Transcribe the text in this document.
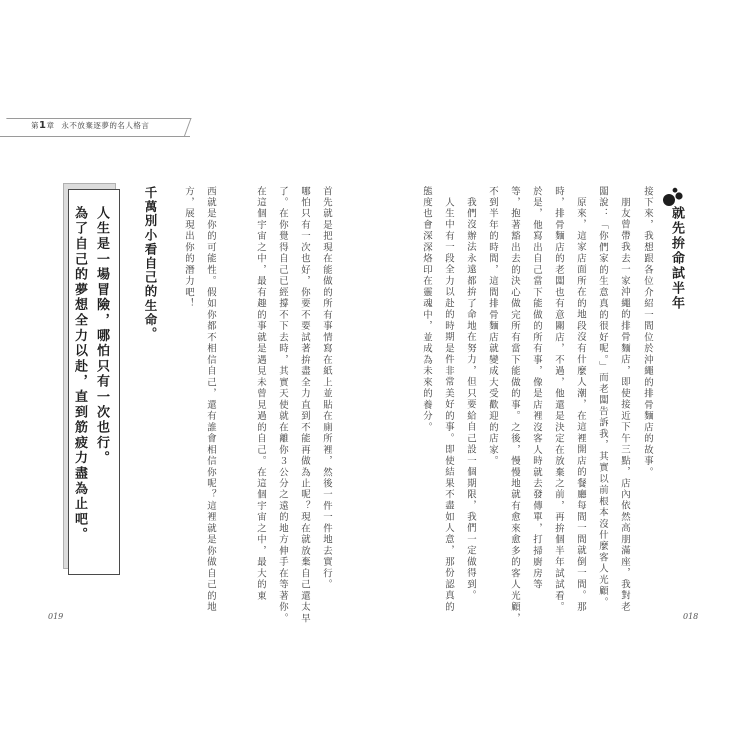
第1章 永不放棄逐夢的名人格言
人生是一場冒險，哪怕只有一次也行。
為了自己的夢想全力以赴，直到筋疲力盡為止吧。	千萬別小看自己的生命。	西就是你的可能性。假如你都不相信自己，還有誰會相信你呢？這裡就是你做自己的地
方，展現出你的潛力吧！	首先就是把現在能做的所有事情寫在紙上並貼在廁所裡，然後一件一件地去實行。
哪怕只有一次也好，你要不要試著拚盡全力直到不能再做為止呢？現在就放棄自己還太早
了。在你覺得自己已經撐不下去時，其實天使就在離你３公分之遠的地方伸手在等著你。
在這個宇宙之中，最有趣的事就是遇見未曾見過的自己。在這個宇宙之中，最大的東
019
就先拚命試半年
接下來，我想跟各位介紹一間位於沖繩的排骨麵店的故事。
朋友曾帶我去一家沖繩的排骨麵店，即使接近下午三點，店內依然高朋滿座，我對老
闆說：「你們家的生意真的很好呢。」而老闆告訴我，其實以前根本沒什麼客人光顧。
原來，這家店面所在的地段沒有什麼人潮，在這裡開店的餐廳每間一間就倒一間。那
時，排骨麵店的老闆也有意關店，不過，他還是決定在放棄之前，再拚個半年試試看。
於是，他寫出自己當下能做的所有事，像是店裡沒客人時就去發傳單，打掃廚房等
等，抱著豁出去的決心做完所有當下能做的事。之後，慢慢地就有愈來愈多的客人光顧，
不到半年的時間，這間排骨麵店就變成大受歡迎的店家。
我們沒辦法永遠都拚了命地在努力，但只要給自己設一個期限，我們一定做得到。
人生中有一段全力以赴的時期是件非常美好的事。即使結果不盡如人意，那份認真的
態度也會深深烙印在靈魂中，並成為未來的養分。
018
